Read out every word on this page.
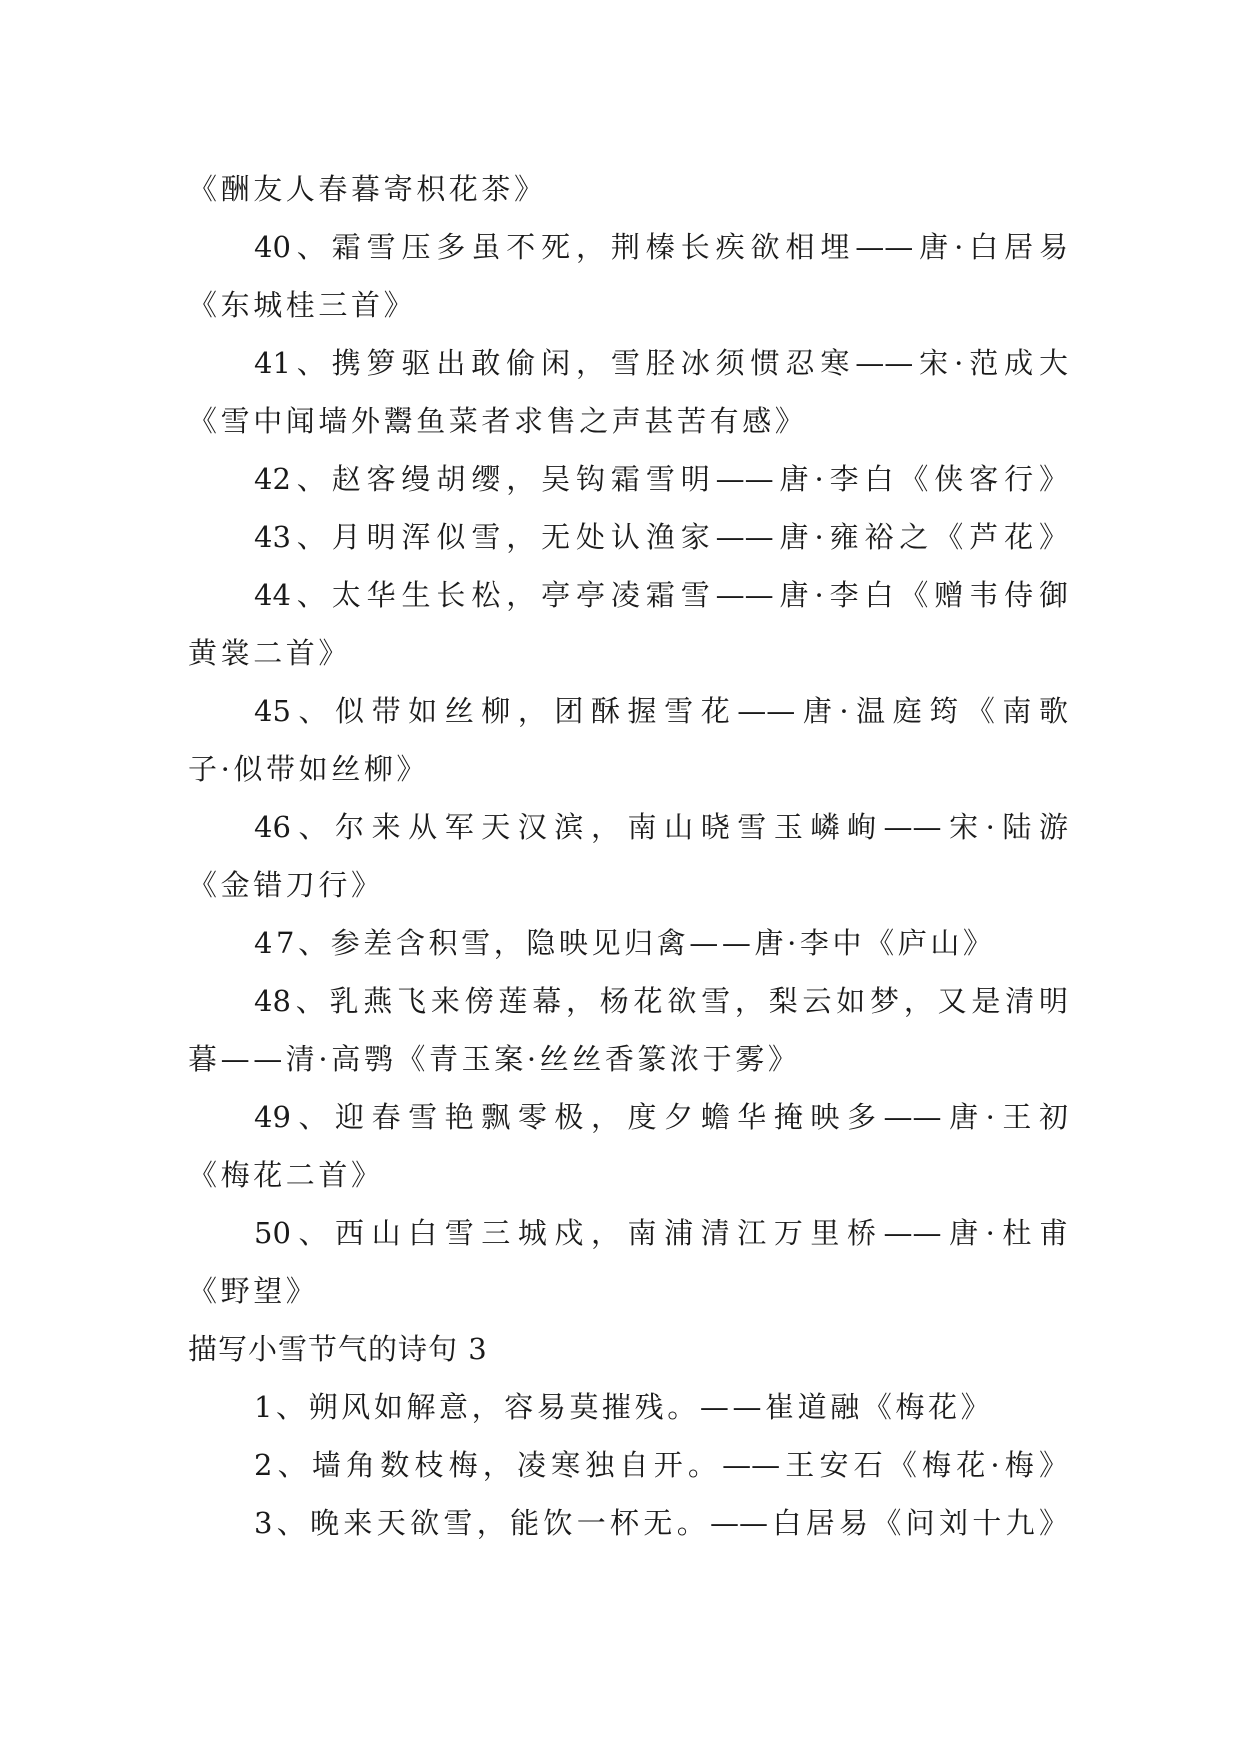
《酬友人春暮寄枳花茶》
40、霜雪压多虽不死，荆榛长疾欲相埋——唐·白居易
《东城桂三首》
41、携箩驱出敢偷闲，雪胫冰须惯忍寒——宋·范成大
《雪中闻墙外鬻鱼菜者求售之声甚苦有感》
42、赵客缦胡缨，吴钩霜雪明——唐·李白《侠客行》
43、月明浑似雪，无处认渔家——唐·雍裕之《芦花》
44、太华生长松，亭亭凌霜雪——唐·李白《赠韦侍御
黄裳二首》
45、似带如丝柳，团酥握雪花——唐·温庭筠《南歌
子·似带如丝柳》
46、尔来从军天汉滨，南山晓雪玉嶙峋——宋·陆游
《金错刀行》
47、参差含积雪，隐映见归禽——唐·李中《庐山》
48、乳燕飞来傍莲幕，杨花欲雪，梨云如梦，又是清明
暮——清·高鹗《青玉案·丝丝香篆浓于雾》
49、迎春雪艳飘零极，度夕蟾华掩映多——唐·王初
《梅花二首》
50、西山白雪三城戍，南浦清江万里桥——唐·杜甫
《野望》
描写小雪节气的诗句 3
1、朔风如解意，容易莫摧残。——崔道融《梅花》
2、墙角数枝梅，凌寒独自开。——王安石《梅花·梅》
3、晚来天欲雪，能饮一杯无。——白居易《问刘十九》
